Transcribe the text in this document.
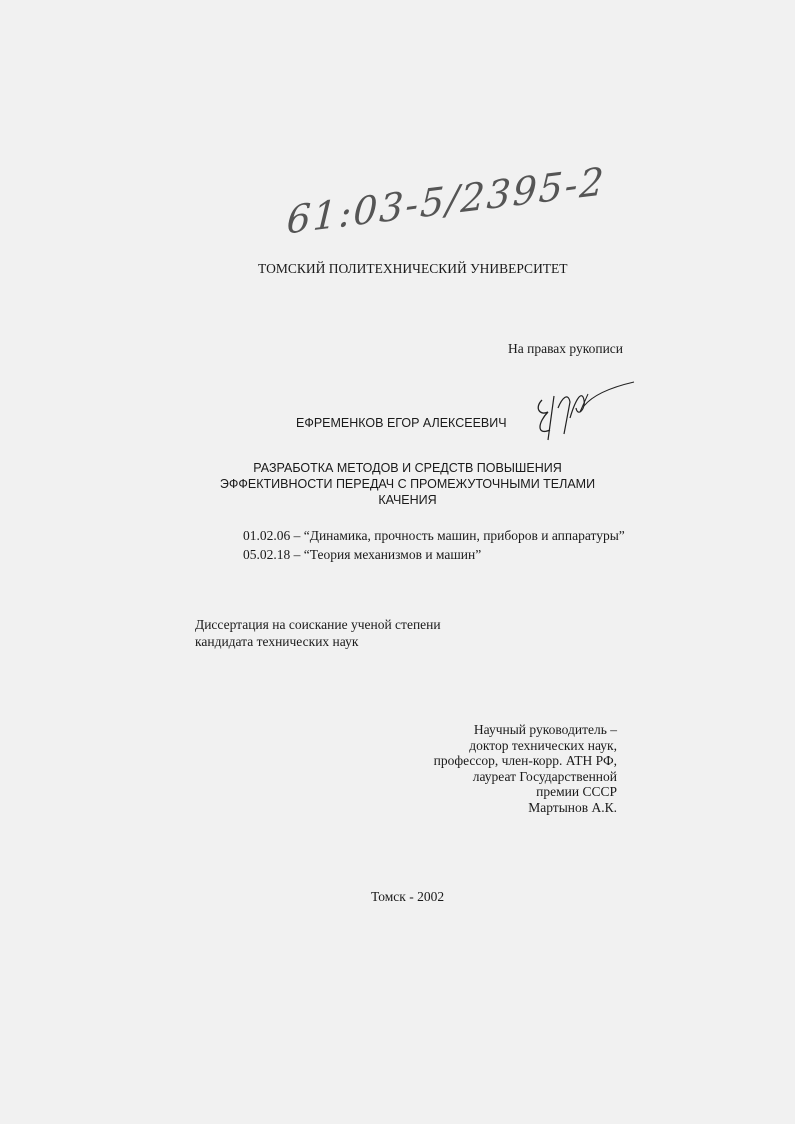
61:03-5/2395-2
ТОМСКИЙ ПОЛИТЕХНИЧЕСКИЙ УНИВЕРСИТЕТ
На правах рукописи
ЕФРЕМЕНКОВ ЕГОР АЛЕКСЕЕВИЧ
РАЗРАБОТКА МЕТОДОВ И СРЕДСТВ ПОВЫШЕНИЯ
ЭФФЕКТИВНОСТИ ПЕРЕДАЧ С ПРОМЕЖУТОЧНЫМИ ТЕЛАМИ
КАЧЕНИЯ
01.02.06 – “Динамика, прочность машин, приборов и аппаратуры”
05.02.18 – “Теория механизмов и машин”
Диссертация на соискание ученой степени
кандидата технических наук
Научный руководитель –
доктор технических наук,
профессор, член-корр. АТН РФ,
лауреат Государственной
премии СССР
Мартынов А.К.
Томск - 2002
